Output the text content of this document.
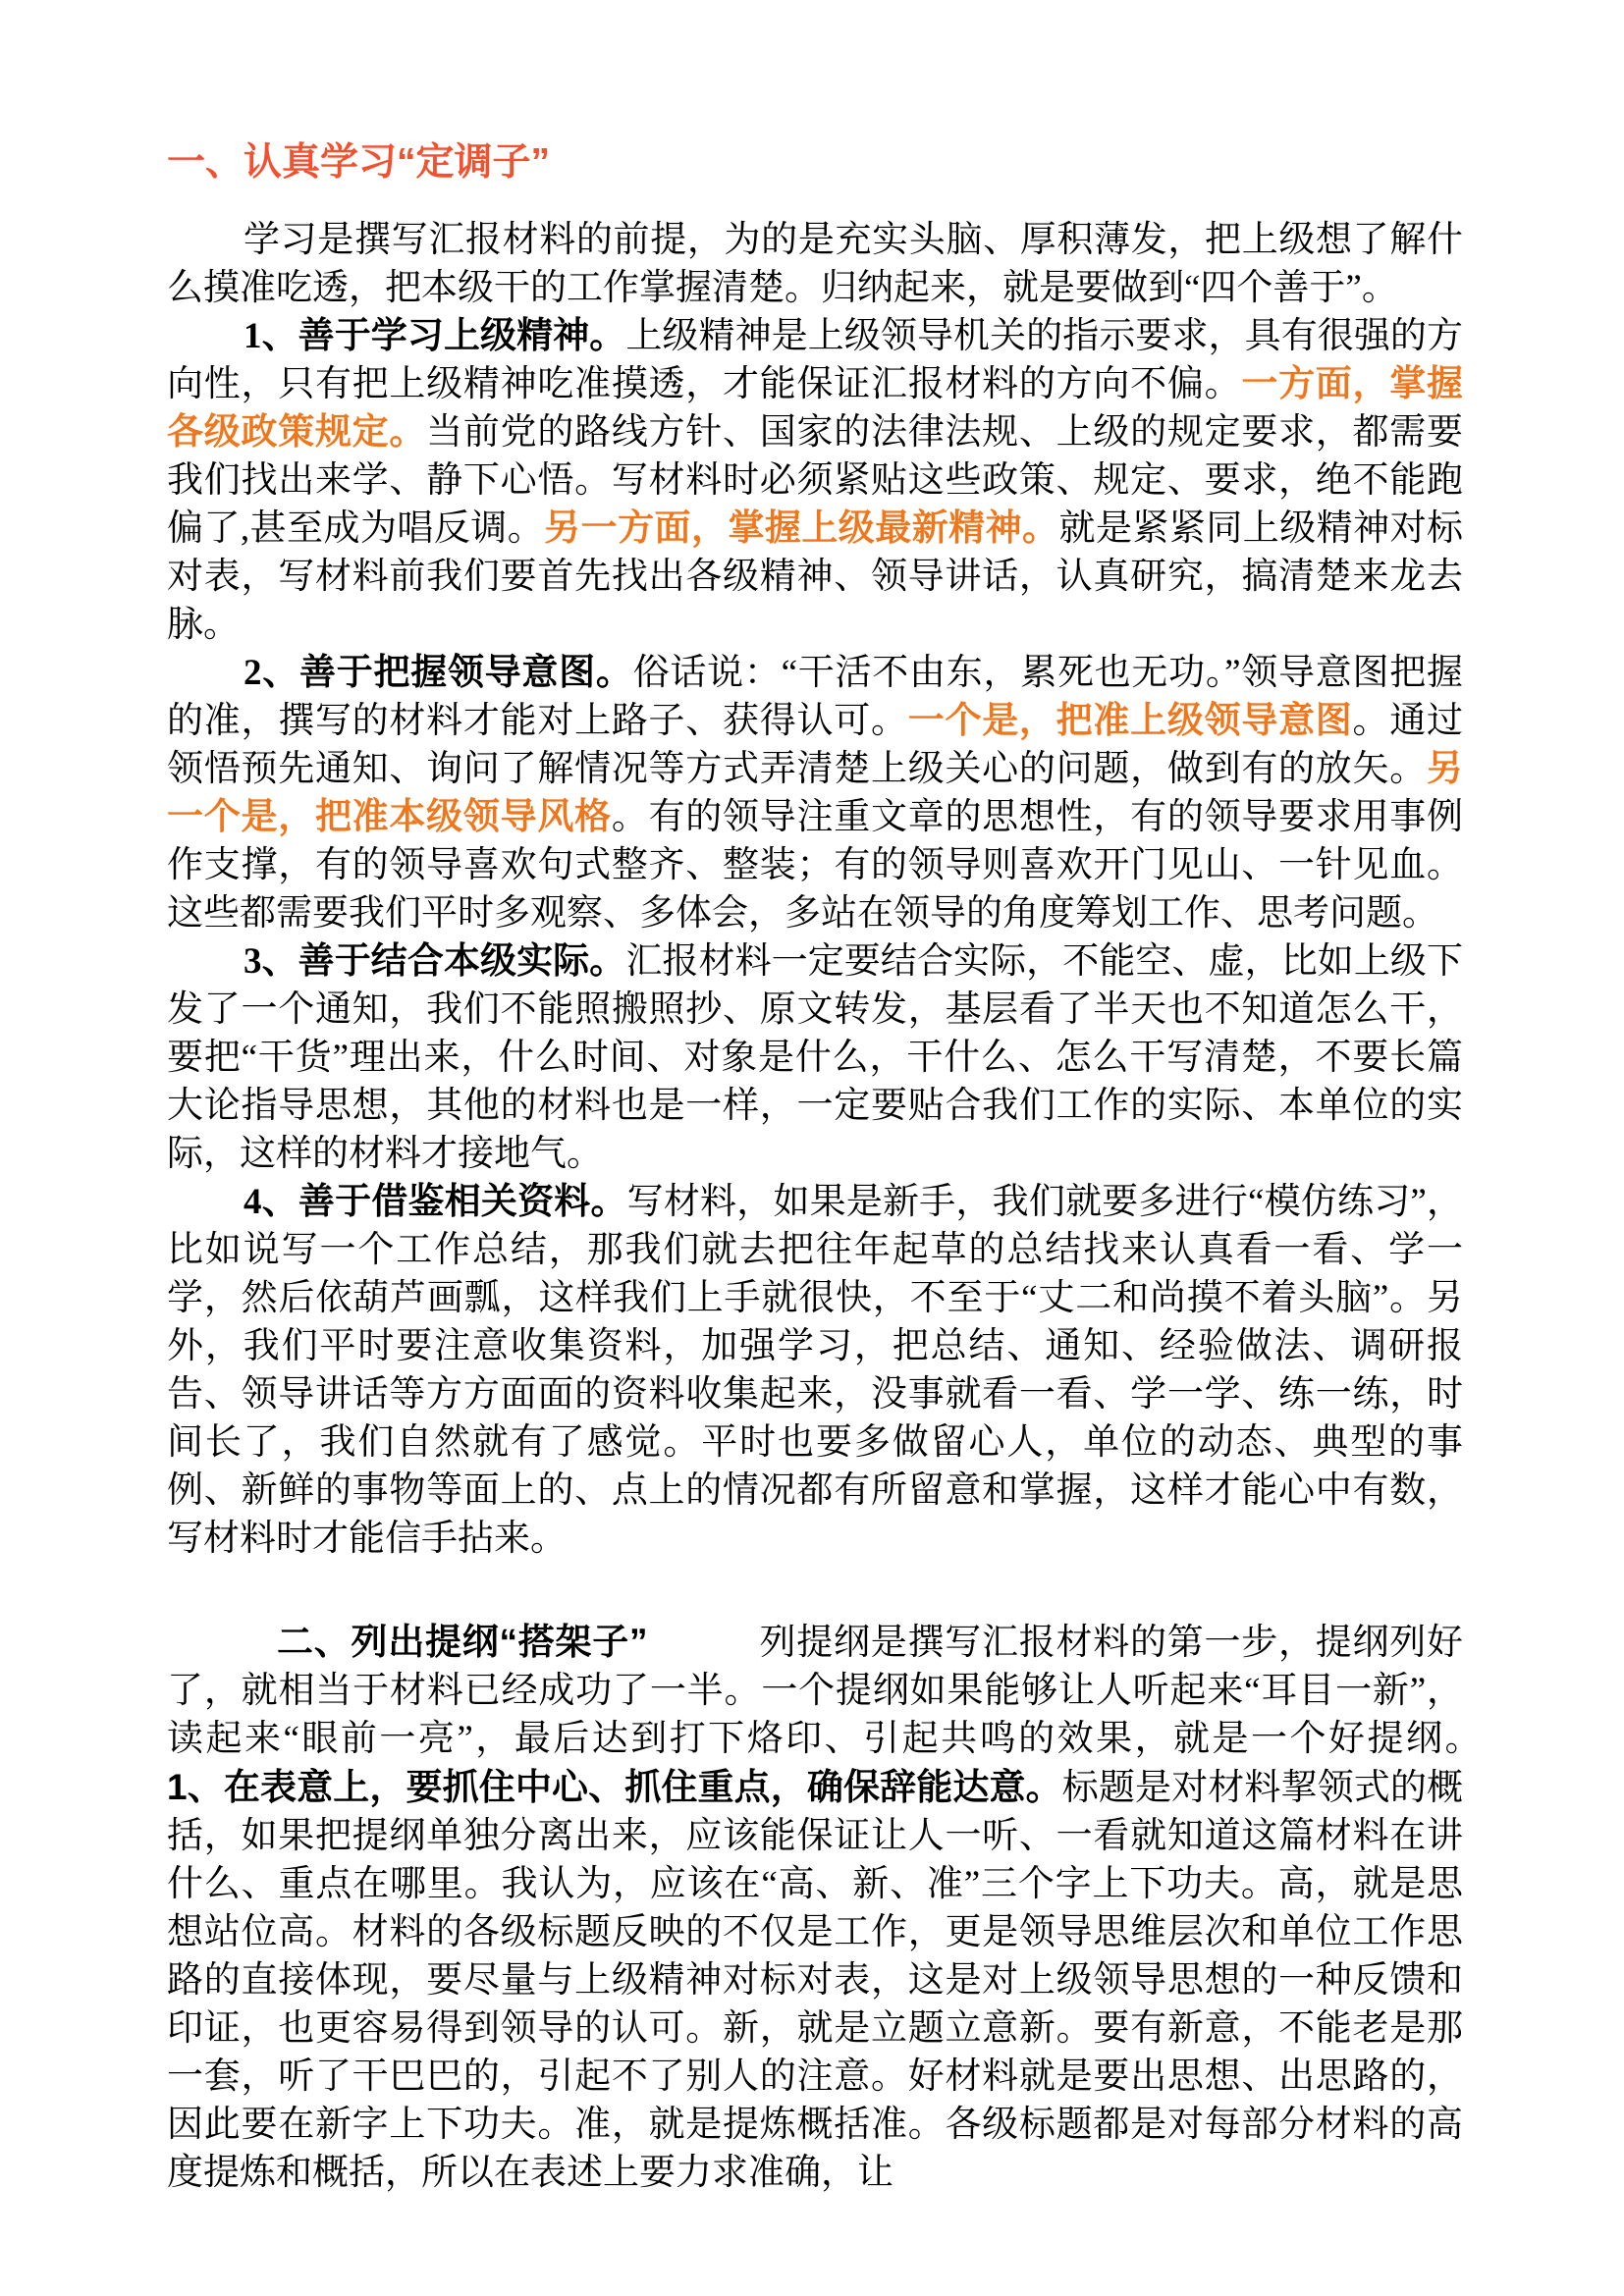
一、认真学习“定调子”

学习是撰写汇报材料的前提，为的是充实头脑、厚积薄发，把上级想了解什么摸准吃透，把本级干的工作掌握清楚。归纳起来，就是要做到“四个善于”。

1、善于学习上级精神。上级精神是上级领导机关的指示要求，具有很强的方向性，只有把上级精神吃准摸透，才能保证汇报材料的方向不偏。一方面，掌握各级政策规定。当前党的路线方针、国家的法律法规、上级的规定要求，都需要我们找出来学、静下心悟。写材料时必须紧贴这些政策、规定、要求，绝不能跑偏了,甚至成为唱反调。另一方面，掌握上级最新精神。就是紧紧同上级精神对标对表，写材料前我们要首先找出各级精神、领导讲话，认真研究，搞清楚来龙去脉。

2、善于把握领导意图。俗话说：“干活不由东，累死也无功。”领导意图把握的准，撰写的材料才能对上路子、获得认可。一个是，把准上级领导意图。通过领悟预先通知、询问了解情况等方式弄清楚上级关心的问题，做到有的放矢。另一个是，把准本级领导风格。有的领导注重文章的思想性，有的领导要求用事例作支撑，有的领导喜欢句式整齐、整装；有的领导则喜欢开门见山、一针见血。这些都需要我们平时多观察、多体会，多站在领导的角度筹划工作、思考问题。

3、善于结合本级实际。汇报材料一定要结合实际，不能空、虚，比如上级下发了一个通知，我们不能照搬照抄、原文转发，基层看了半天也不知道怎么干，要把“干货”理出来，什么时间、对象是什么，干什么、怎么干写清楚，不要长篇大论指导思想，其他的材料也是一样，一定要贴合我们工作的实际、本单位的实际，这样的材料才接地气。

4、善于借鉴相关资料。写材料，如果是新手，我们就要多进行“模仿练习”，比如说写一个工作总结，那我们就去把往年起草的总结找来认真看一看、学一学，然后依葫芦画瓢，这样我们上手就很快，不至于“丈二和尚摸不着头脑”。另外，我们平时要注意收集资料，加强学习，把总结、通知、经验做法、调研报告、领导讲话等方方面面的资料收集起来，没事就看一看、学一学、练一练，时间长了，我们自然就有了感觉。平时也要多做留心人，单位的动态、典型的事例、新鲜的事物等面上的、点上的情况都有所留意和掌握，这样才能心中有数，写材料时才能信手拈来。

二、列出提纲“搭架子”　　　列提纲是撰写汇报材料的第一步，提纲列好了，就相当于材料已经成功了一半。一个提纲如果能够让人听起来“耳目一新”，读起来“眼前一亮”，最后达到打下烙印、引起共鸣的效果，就是一个好提纲。　　1、在表意上，要抓住中心、抓住重点，确保辞能达意。标题是对材料挈领式的概括，如果把提纲单独分离出来，应该能保证让人一听、一看就知道这篇材料在讲什么、重点在哪里。我认为，应该在“高、新、准”三个字上下功夫。高，就是思想站位高。材料的各级标题反映的不仅是工作，更是领导思维层次和单位工作思路的直接体现，要尽量与上级精神对标对表，这是对上级领导思想的一种反馈和印证，也更容易得到领导的认可。新，就是立题立意新。要有新意，不能老是那一套，听了干巴巴的，引起不了别人的注意。好材料就是要出思想、出思路的，因此要在新字上下功夫。准，就是提炼概括准。各级标题都是对每部分材料的高度提炼和概括，所以在表述上要力求准确，让
